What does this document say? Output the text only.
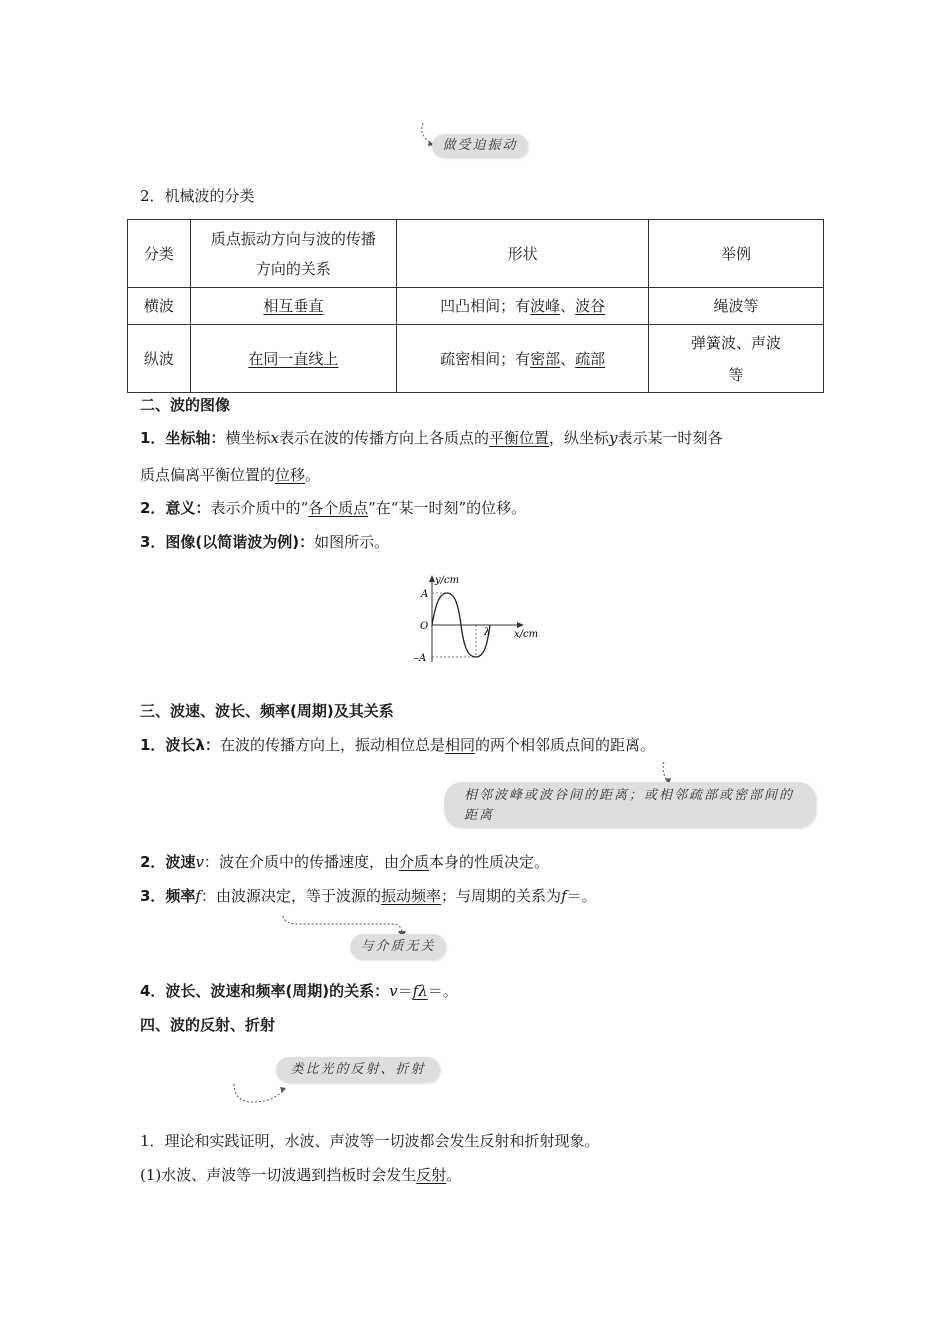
做受迫振动
2．机械波的分类
分类	质点振动方向与波的传播方向的关系	形状	举例
横波	相互垂直	凹凸相间；有波峰、波谷	绳波等
纵波	在同一直线上	疏密相间；有密部、疏部	弹簧波、声波等
二、波的图像
1．坐标轴：横坐标x表示在波的传播方向上各质点的平衡位置，纵坐标y表示某一时刻各
质点偏离平衡位置的位移。
2．意义：表示介质中的“各个质点”在“某一时刻”的位移。
3．图像(以简谐波为例)：如图所示。
y/cm
A
O
–A
λ x/cm
三、波速、波长、频率(周期)及其关系
1．波长λ：在波的传播方向上，振动相位总是相同的两个相邻质点间的距离。
相邻波峰或波谷间的距离；或相邻疏部或密部间的距离
2．波速v：波在介质中的传播速度，由介质本身的性质决定。
3．频率f：由波源决定，等于波源的振动频率；与周期的关系为f＝。
与介质无关
4．波长、波速和频率(周期)的关系：v＝fλ＝。
四、波的反射、折射
类比光的反射、折射
1．理论和实践证明，水波、声波等一切波都会发生反射和折射现象。
(1)水波、声波等一切波遇到挡板时会发生反射。
